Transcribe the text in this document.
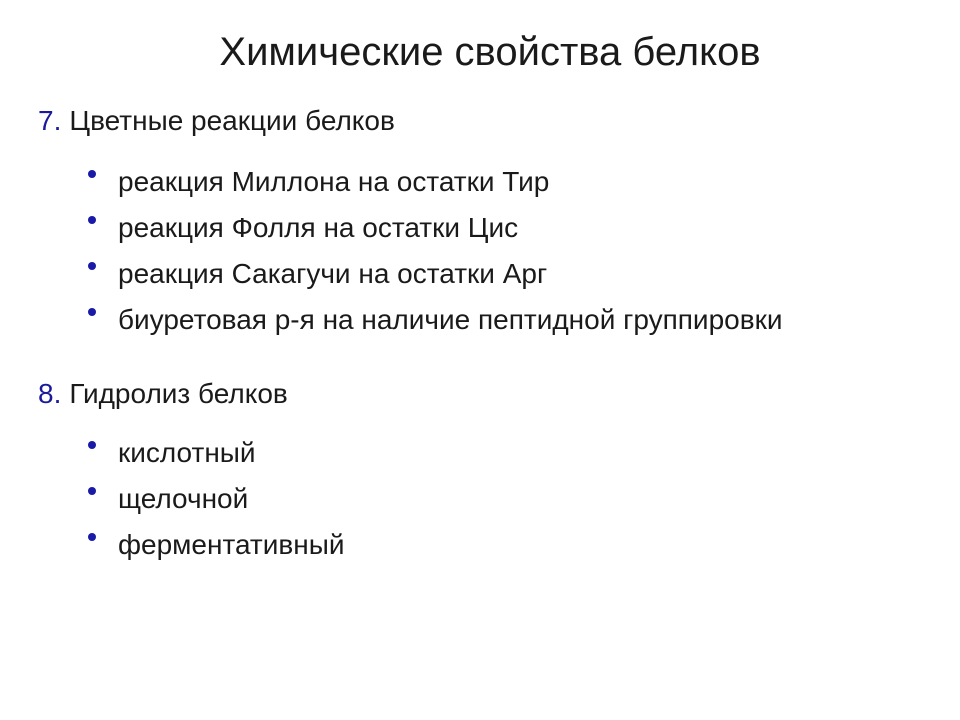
Химические свойства белков
7. Цветные реакции белков
реакция Миллона на остатки Тир
реакция Фолля на остатки Цис
реакция Сакагучи на остатки Арг
биуретовая р-я на наличие пептидной группировки
8. Гидролиз белков
кислотный
щелочной
ферментативный
